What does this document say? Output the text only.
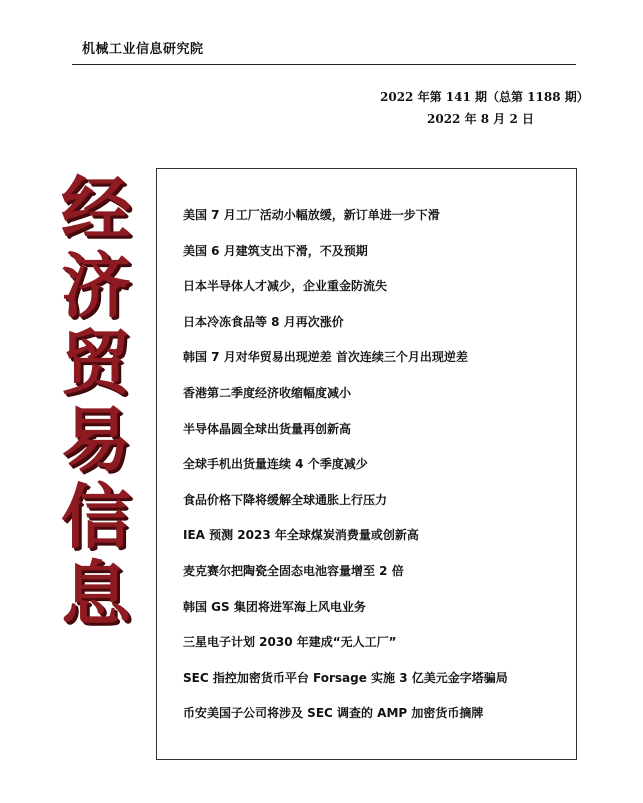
机械工业信息研究院
2022 年第 141 期（总第 1188 期）
2022 年 8 月 2 日
经
济
贸
易
信
息
美国 7 月工厂活动小幅放缓，新订单进一步下滑
美国 6 月建筑支出下滑，不及预期
日本半导体人才减少，企业重金防流失
日本冷冻食品等 8 月再次涨价
韩国 7 月对华贸易出现逆差 首次连续三个月出现逆差
香港第二季度经济收缩幅度减小
半导体晶圆全球出货量再创新高
全球手机出货量连续 4 个季度减少
食品价格下降将缓解全球通胀上行压力
IEA 预测 2023 年全球煤炭消费量或创新高
麦克赛尔把陶瓷全固态电池容量增至 2 倍
韩国 GS 集团将进军海上风电业务
三星电子计划 2030 年建成“无人工厂”
SEC 指控加密货币平台 Forsage 实施 3 亿美元金字塔骗局
币安美国子公司将涉及 SEC 调查的 AMP 加密货币摘牌
